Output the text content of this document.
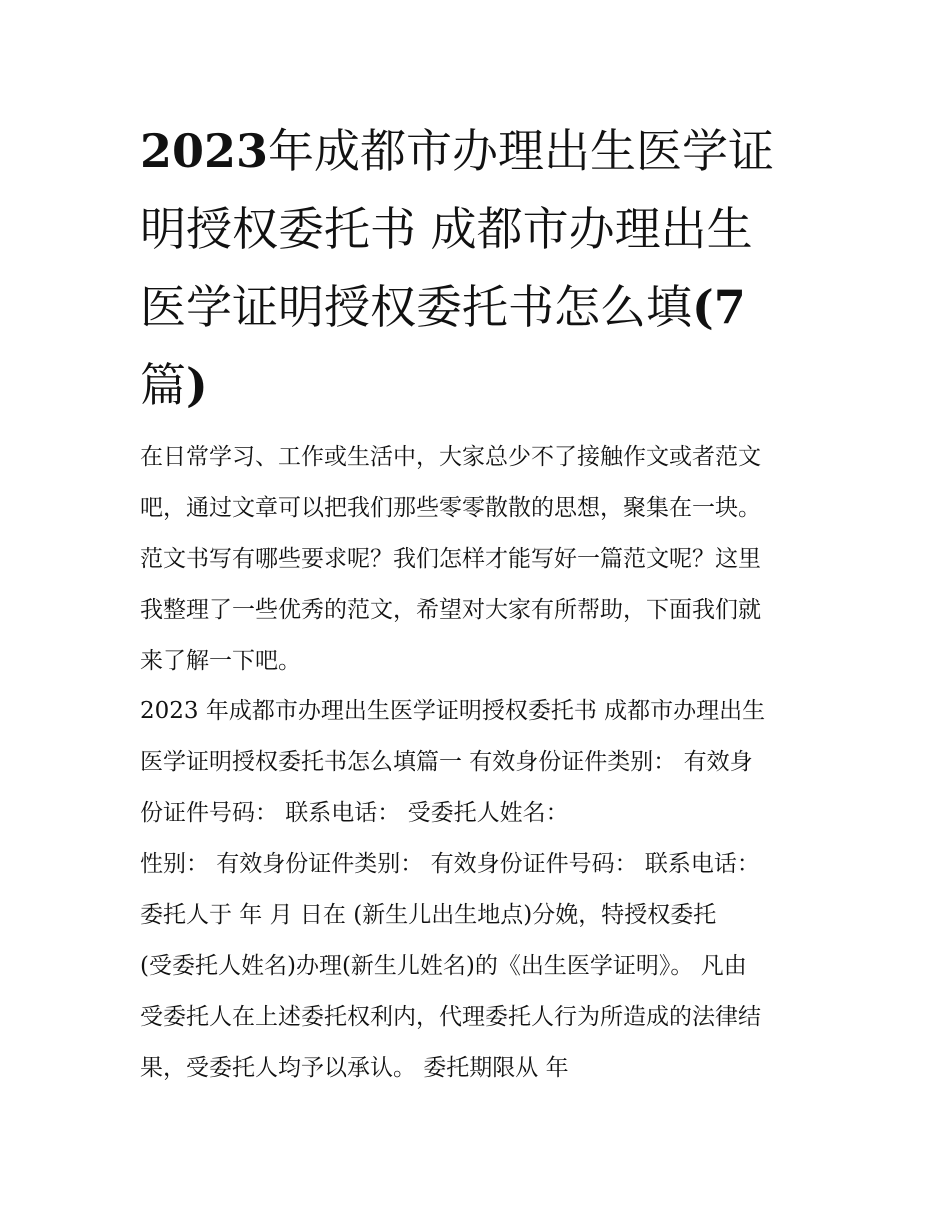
2023年成都市办理出生医学证
明授权委托书 成都市办理出生
医学证明授权委托书怎么填(7
篇)
在日常学习、工作或生活中，大家总少不了接触作文或者范文
吧，通过文章可以把我们那些零零散散的思想，聚集在一块。
范文书写有哪些要求呢？我们怎样才能写好一篇范文呢？这里
我整理了一些优秀的范文，希望对大家有所帮助，下面我们就
来了解一下吧。
2023 年成都市办理出生医学证明授权委托书 成都市办理出生
医学证明授权委托书怎么填篇一 有效身份证件类别： 有效身
份证件号码： 联系电话： 受委托人姓名：
性别： 有效身份证件类别： 有效身份证件号码： 联系电话：
委托人于 年 月 日在 (新生儿出生地点)分娩，特授权委托
(受委托人姓名)办理(新生儿姓名)的《出生医学证明》。 凡由
受委托人在上述委托权利内，代理委托人行为所造成的法律结
果，受委托人均予以承认。 委托期限从 年
